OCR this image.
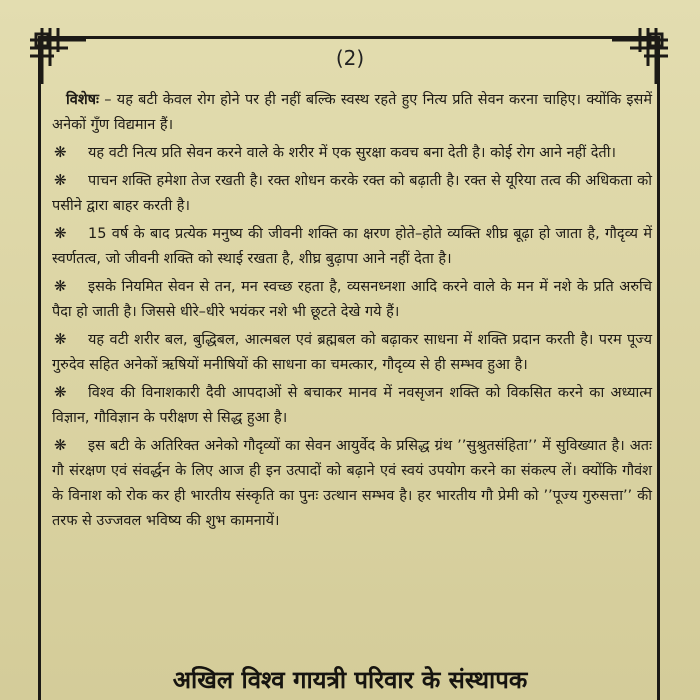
(2)

विशेषः – यह बटी केवल रोग होने पर ही नहीं बल्कि स्वस्थ रहते हुए नित्य प्रति सेवन करना चाहिए। क्योंकि इसमें अनेकों गुँण विद्यमान हैं।

❋ यह वटी नित्य प्रति सेवन करने वाले के शरीर में एक सुरक्षा कवच बना देती है। कोई रोग आने नहीं देती।

❋ पाचन शक्ति हमेशा तेज रखती है। रक्त शोधन करके रक्त को बढ़ाती है। रक्त से यूरिया तत्व की अधिकता को पसीने द्वारा बाहर करती है।

❋ 15 वर्ष के बाद प्रत्येक मनुष्य की जीवनी शक्ति का क्षरण होते–होते व्यक्ति शीघ्र बूढ़ा हो जाता है, गौदृव्य में स्वर्णतत्व, जो जीवनी शक्ति को स्थाई रखता है, शीघ्र बुढ़ापा आने नहीं देता है।

❋ इसके नियमित सेवन से तन, मन स्वच्छ रहता है, व्यसनध्नशा आदि करने वाले के मन में नशे के प्रति अरुचि पैदा हो जाती है। जिससे धीरे–धीरे भयंकर नशे भी छूटते देखे गये हैं।

❋ यह वटी शरीर बल, बुद्धिबल, आत्मबल एवं ब्रह्मबल को बढ़ाकर साधना में शक्ति प्रदान करती है। परम पूज्य गुरुदेव सहित अनेकों ऋषियों मनीषियों की साधना का चमत्कार, गौदृव्य से ही सम्भव हुआ है।

❋ विश्व की विनाशकारी दैवी आपदाओं से बचाकर मानव में नवसृजन शक्ति को विकसित करने का अध्यात्म विज्ञान, गौविज्ञान के परीक्षण से सिद्ध हुआ है।

❋ इस बटी के अतिरिक्त अनेको गौदृव्यों का सेवन आयुर्वेद के प्रसिद्ध ग्रंथ ’’सुश्रुतसंहिता’’ में सुविख्यात है। अतः गौ संरक्षण एवं संवर्द्धन के लिए आज ही इन उत्पादों को बढ़ाने एवं स्वयं उपयोग करने का संकल्प लें। क्योंकि गौवंश के विनाश को रोक कर ही भारतीय संस्कृति का पुनः उत्थान सम्भव है। हर भारतीय गौ प्रेमी को ’’पूज्य गुरुसत्ता’’ की तरफ से उज्जवल भविष्य की शुभ कामनायें।

अखिल विश्व गायत्री परिवार के संस्थापक
